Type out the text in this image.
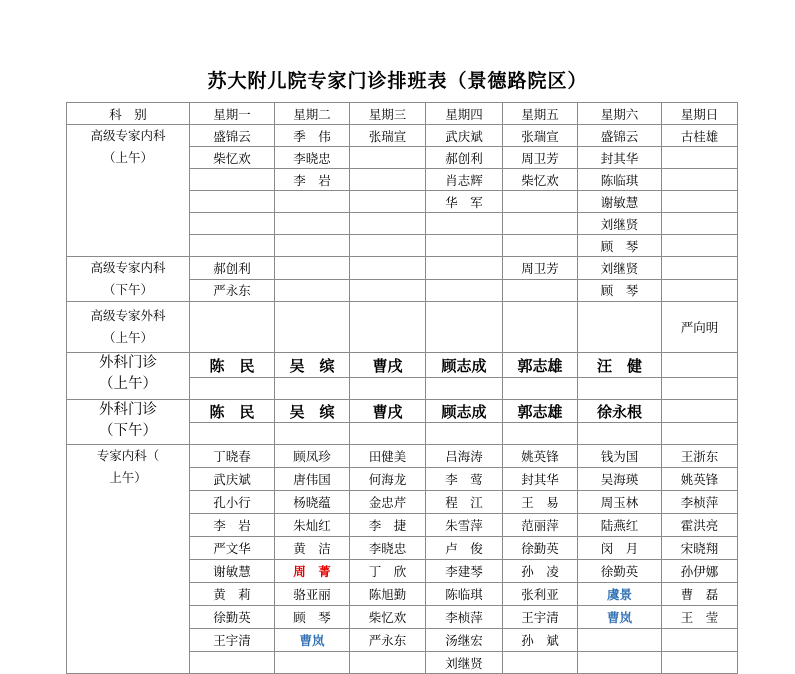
苏大附儿院专家门诊排班表（景德路院区）
科　别	星期一	星期二	星期三	星期四	星期五	星期六	星期日

高级专家内科
（上午）	盛锦云	季　伟	张瑞宣	武庆斌	张瑞宣	盛锦云	古桂雄
	柴忆欢	李晓忠		郝创利	周卫芳	封其华	
		李　岩		肖志辉	柴忆欢	陈临琪	
				华　军		谢敏慧	
						刘继贤	
						顾　琴	

高级专家内科
（下午）	郝创利				周卫芳	刘继贤	
	严永东					顾　琴	

高级专家外科
（上午）							严向明

外科门诊
（上午）	陈　民	吴　缤	曹戌	顾志成	郭志雄	汪　健	

外科门诊
（下午）	陈　民	吴　缤	曹戌	顾志成	郭志雄	徐永根	

专家内科（
上午）	丁晓春	顾凤珍	田健美	吕海涛	姚英锋	钱为国	王浙东
	武庆斌	唐伟国	何海龙	李　莺	封其华	吴海瑛	姚英锋
	孔小行	杨晓蕴	金忠芹	程　江	王　易	周玉林	李桢萍
	李　岩	朱灿红	李　捷	朱雪萍	范丽萍	陆燕红	霍洪亮
	严文华	黄　洁	李晓忠	卢　俊	徐勤英	闵　月	宋晓翔
	谢敏慧	周　菁	丁　欣	李建琴	孙　凌	徐勤英	孙伊娜
	黄　莉	骆亚丽	陈旭勤	陈临琪	张利亚	虞景	曹　磊
	徐勤英	顾　琴	柴忆欢	李桢萍	王宇清	曹岚	王　莹
	王宇清	曹岚	严永东	汤继宏	孙　斌		
				刘继贤			
